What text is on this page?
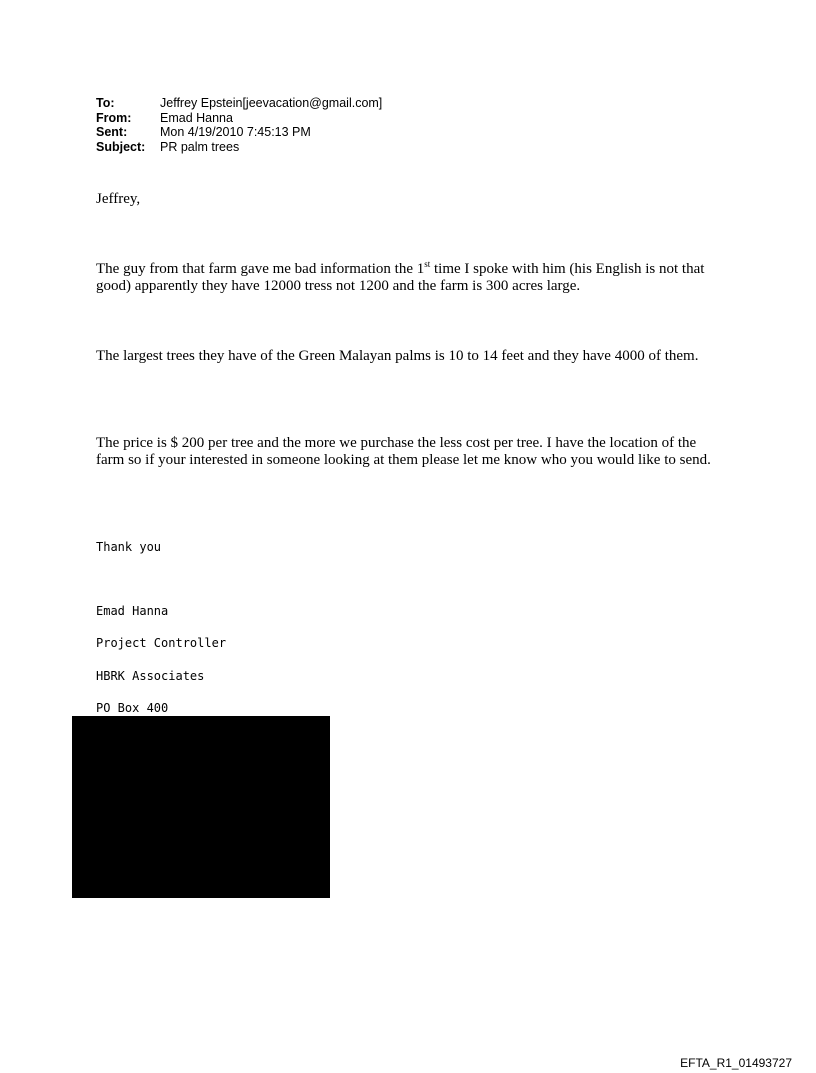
To:	Jeffrey Epstein[jeevacation@gmail.com]
From:	Emad Hanna
Sent:	Mon 4/19/2010 7:45:13 PM
Subject:	PR palm trees
Jeffrey,
The guy from that farm gave me bad information the 1st time I spoke with him (his English is not that good) apparently they have 12000 tress not 1200 and the farm is 300 acres large.
The largest trees they have of the Green Malayan palms is 10 to 14 feet and they have 4000 of them.
The price is $ 200 per tree and the more we purchase the less cost per tree. I have the location of the farm so if your interested in someone looking at them please let me know who you would like to send.
Thank you
Emad Hanna
Project Controller
HBRK Associates
PO Box 400
EFTA_R1_01493727
